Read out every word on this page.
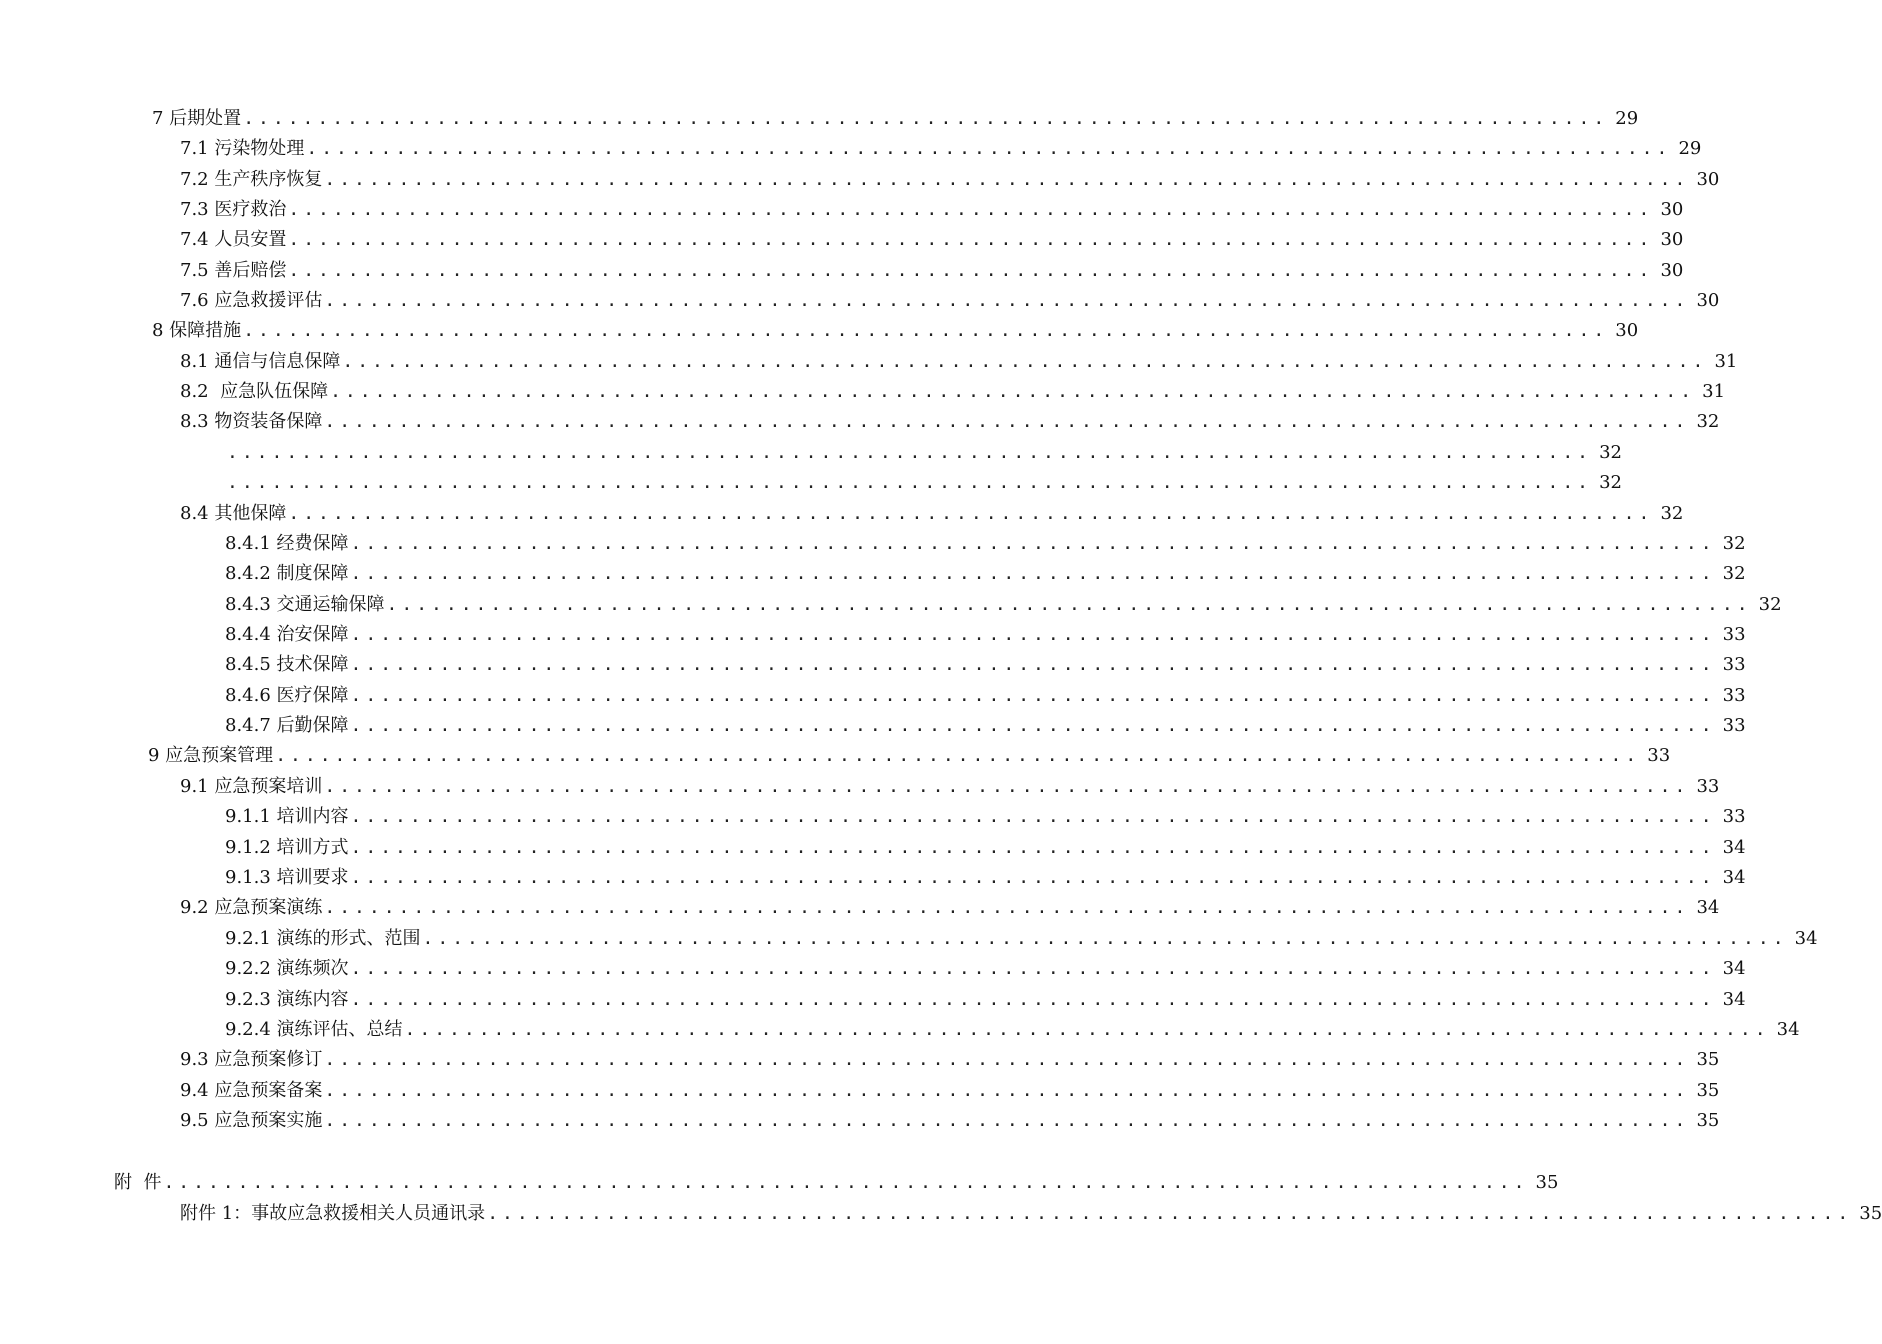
7 后期处置 ............................................................................................ 29
7.1 污染物处理 ............................................................................................ 29
7.2 生产秩序恢复 ............................................................................................ 30
7.3 医疗救治 ............................................................................................ 30
7.4 人员安置 ............................................................................................ 30
7.5 善后赔偿 ............................................................................................ 30
7.6 应急救援评估 ............................................................................................ 30
8 保障措施 ............................................................................................ 30
8.1 通信与信息保障 ............................................................................................ 31
8.2  应急队伍保障 ............................................................................................ 31
8.3 物资装备保障 ............................................................................................ 32
............................................................................................ 32
............................................................................................ 32
8.4 其他保障 ............................................................................................ 32
8.4.1 经费保障 ............................................................................................ 32
8.4.2 制度保障 ............................................................................................ 32
8.4.3 交通运输保障 ............................................................................................ 32
8.4.4 治安保障 ............................................................................................ 33
8.4.5 技术保障 ............................................................................................ 33
8.4.6 医疗保障 ............................................................................................ 33
8.4.7 后勤保障 ............................................................................................ 33
9 应急预案管理 ............................................................................................ 33
9.1 应急预案培训 ............................................................................................ 33
9.1.1 培训内容 ............................................................................................ 33
9.1.2 培训方式 ............................................................................................ 34
9.1.3 培训要求 ............................................................................................ 34
9.2 应急预案演练 ............................................................................................ 34
9.2.1 演练的形式、范围 ............................................................................................ 34
9.2.2 演练频次 ............................................................................................ 34
9.2.3 演练内容 ............................................................................................ 34
9.2.4 演练评估、总结 ............................................................................................ 34
9.3 应急预案修订 ............................................................................................ 35
9.4 应急预案备案 ............................................................................................ 35
9.5 应急预案实施 ............................................................................................ 35
附  件 ............................................................................................ 35
附件 1：事故应急救援相关人员通讯录 ............................................................................................ 35
